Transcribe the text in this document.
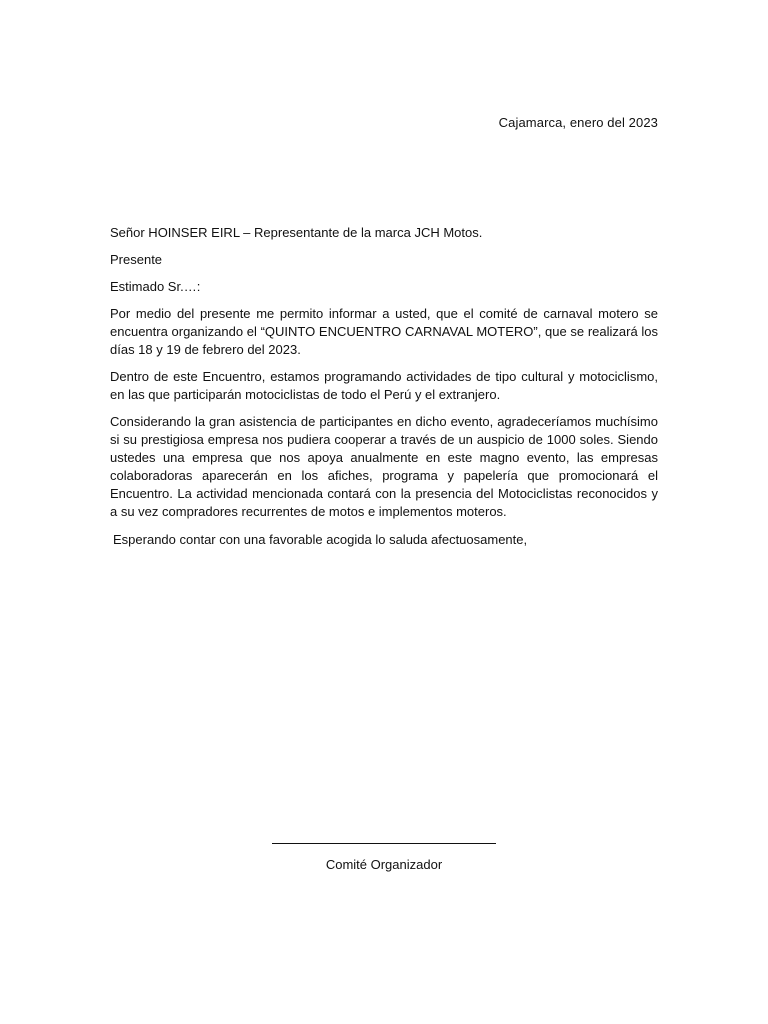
Cajamarca, enero del 2023

Señor HOINSER EIRL – Representante de la marca JCH Motos.

Presente

Estimado Sr.…:

Por medio del presente me permito informar a usted, que el comité de carnaval motero se encuentra organizando el “QUINTO ENCUENTRO CARNAVAL MOTERO”, que se realizará los días 18 y 19 de febrero del 2023.

Dentro de este Encuentro, estamos programando actividades de tipo cultural y motociclismo, en las que participarán motociclistas de todo el Perú y el extranjero.

Considerando la gran asistencia de participantes en dicho evento, agradeceríamos muchísimo si su prestigiosa empresa nos pudiera cooperar a través de un auspicio de 1000 soles. Siendo ustedes una empresa que nos apoya anualmente en este magno evento, las empresas colaboradoras aparecerán en los afiches, programa y papelería que promocionará el Encuentro. La actividad mencionada contará con la presencia del Motociclistas reconocidos y a su vez compradores recurrentes de motos e implementos moteros.

Esperando contar con una favorable acogida lo saluda afectuosamente,

Comité Organizador
